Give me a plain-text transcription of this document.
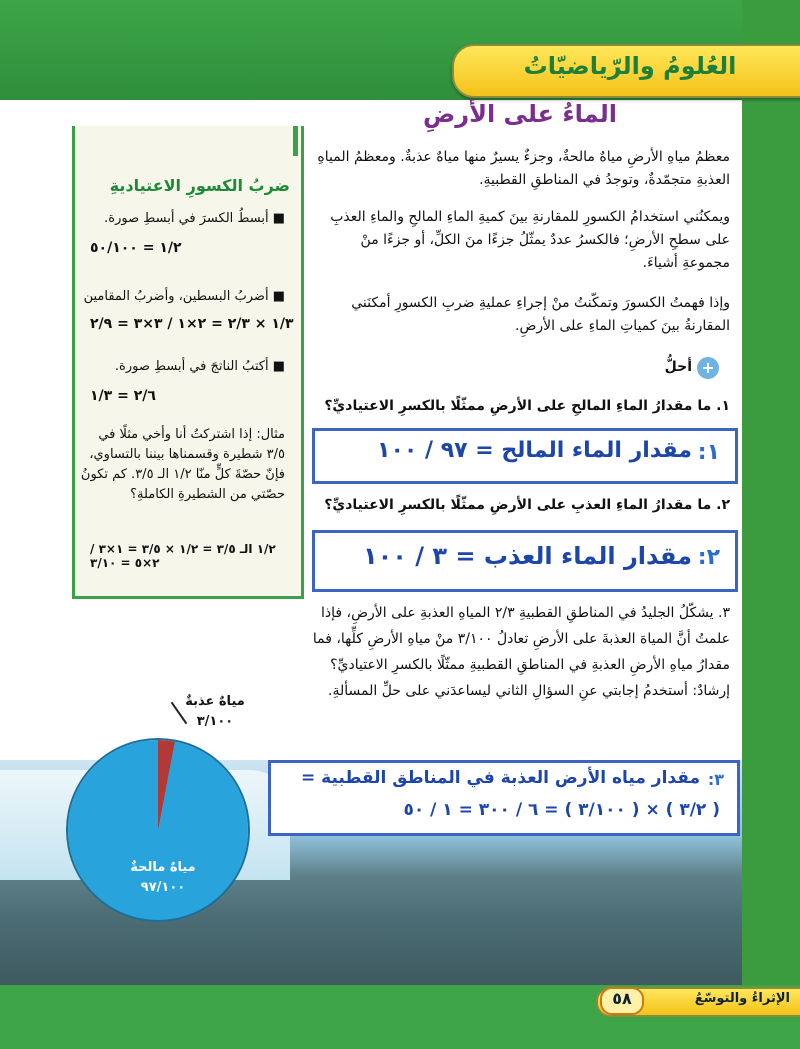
العُلومُ والرّياضيّاتُ
الماءُ على الأرضِ
ضربُ الكسورِ الاعتياديةِ
■ أبسطُ الكسرَ في أبسطِ صورة.
١/٢ = ٥٠/١٠٠
■ أضربُ البسطين، وأضربُ المقامين
١/٣ × ٢/٣ = ٢×١ / ٣×٣ = ٢/٩
■ أكتبُ الناتجَ في أبسطِ صورة.
٢/٦ = ١/٣
مثال: إذا اشتركتُ أنا وأخي مثلًا في ٣/٥ شطيرة وقسمناها بيننا بالتساوي، فإنّ حصّةَ كلٍّ منّا ١/٢ الـ ٣/٥. كم تكونُ حصّتي من الشطيرةِ الكاملةِ؟
١/٢ الـ ٣/٥ = ١/٢ × ٣/٥ = ١×٣ / ٢×٥ = ٣/١٠
معظمُ مياهِ الأرضِ مياهٌ مالحةٌ، وجزءٌ يسيرٌ منها مياهٌ عذبةٌ. ومعظمُ المياهِ العذبةِ متجمّدةٌ، وتوجدُ في المناطقِ القطبيةِ.
ويمكنُني استخدامُ الكسورِ للمقارنةِ بينَ كميةِ الماءِ المالحِ والماءِ العذبِ على سطحِ الأرضِ؛ فالكسرُ عددٌ يمثّلُ جزءًا منَ الكلِّ، أو جزءًا منْ مجموعةِ أشياءَ.
وإذا فهمتُ الكسورَ وتمكّنتُ منْ إجراءِ عمليةِ ضربِ الكسورِ أمكنَني المقارنةُ بينَ كمياتِ الماءِ على الأرضِ.
+
أحلُّ
١. ما مقدارُ الماءِ المالحِ على الأرضِ ممثّلًا بالكسرِ الاعتياديِّ؟
١:
مقدار الماء المالح = ٩٧ / ١٠٠
٢. ما مقدارُ الماءِ العذبِ على الأرضِ ممثّلًا بالكسرِ الاعتياديِّ؟
٢:
مقدار الماء العذب = ٣ / ١٠٠
٣. يشكّلُ الجليدُ في المناطقِ القطبيةِ ٢/٣ المياهِ العذبةِ على الأرضِ، فإذا علمتُ أنَّ المياهَ العذبةَ على الأرضِ تعادلُ ٣/١٠٠ منْ مياهِ الأرضِ كلِّها، فما مقدارُ مياهِ الأرضِ العذبةِ في المناطقِ القطبيةِ ممثّلًا بالكسرِ الاعتياديِّ؟ إرشادٌ: أستخدمُ إجابتي عنِ السؤالِ الثاني ليساعدَني على حلِّ المسألةِ.
مقدار مياه الأرض العذبة في المناطق القطبية = ٣:
( ٣/٢ ) × ( ٣/١٠٠ ) = ٦ / ٣٠٠ = ١ / ٥٠
مياهٌ عذبةٌ
٣/١٠٠
مياهٌ مالحةٌ
٩٧/١٠٠
الإثراءُ والتوسّعُ
٥٨
